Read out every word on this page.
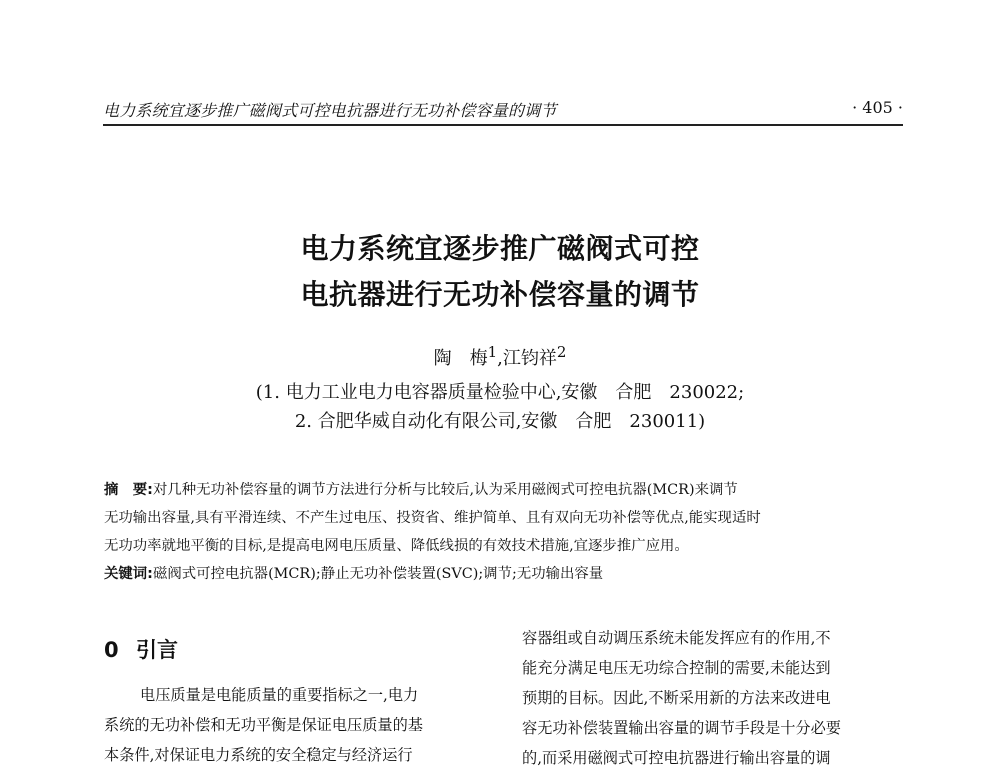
电力系统宜逐步推广磁阀式可控电抗器进行无功补偿容量的调节	· 405 ·
电力系统宜逐步推广磁阀式可控
电抗器进行无功补偿容量的调节
陶　梅$^1$,江钧祥$^2$
(1. 电力工业电力电容器质量检验中心,安徽　合肥　230022;
2. 合肥华威自动化有限公司,安徽　合肥　230011)
摘　要:对几种无功补偿容量的调节方法进行分析与比较后,认为采用磁阀式可控电抗器(MCR)来调节
无功输出容量,具有平滑连续、不产生过电压、投资省、维护简单、且有双向无功补偿等优点,能实现适时
无功功率就地平衡的目标,是提高电网电压质量、降低线损的有效技术措施,宜逐步推广应用。
关键词:磁阀式可控电抗器(MCR);静止无功补偿装置(SVC);调节;无功输出容量
0 引言
电压质量是电能质量的重要指标之一,电力
系统的无功补偿和无功平衡是保证电压质量的基
本条件,对保证电力系统的安全稳定与经济运行
容器组或自动调压系统未能发挥应有的作用,不
能充分满足电压无功综合控制的需要,未能达到
预期的目标。因此,不断采用新的方法来改进电
容无功补偿装置输出容量的调节手段是十分必要
的,而采用磁阀式可控电抗器进行输出容量的调
